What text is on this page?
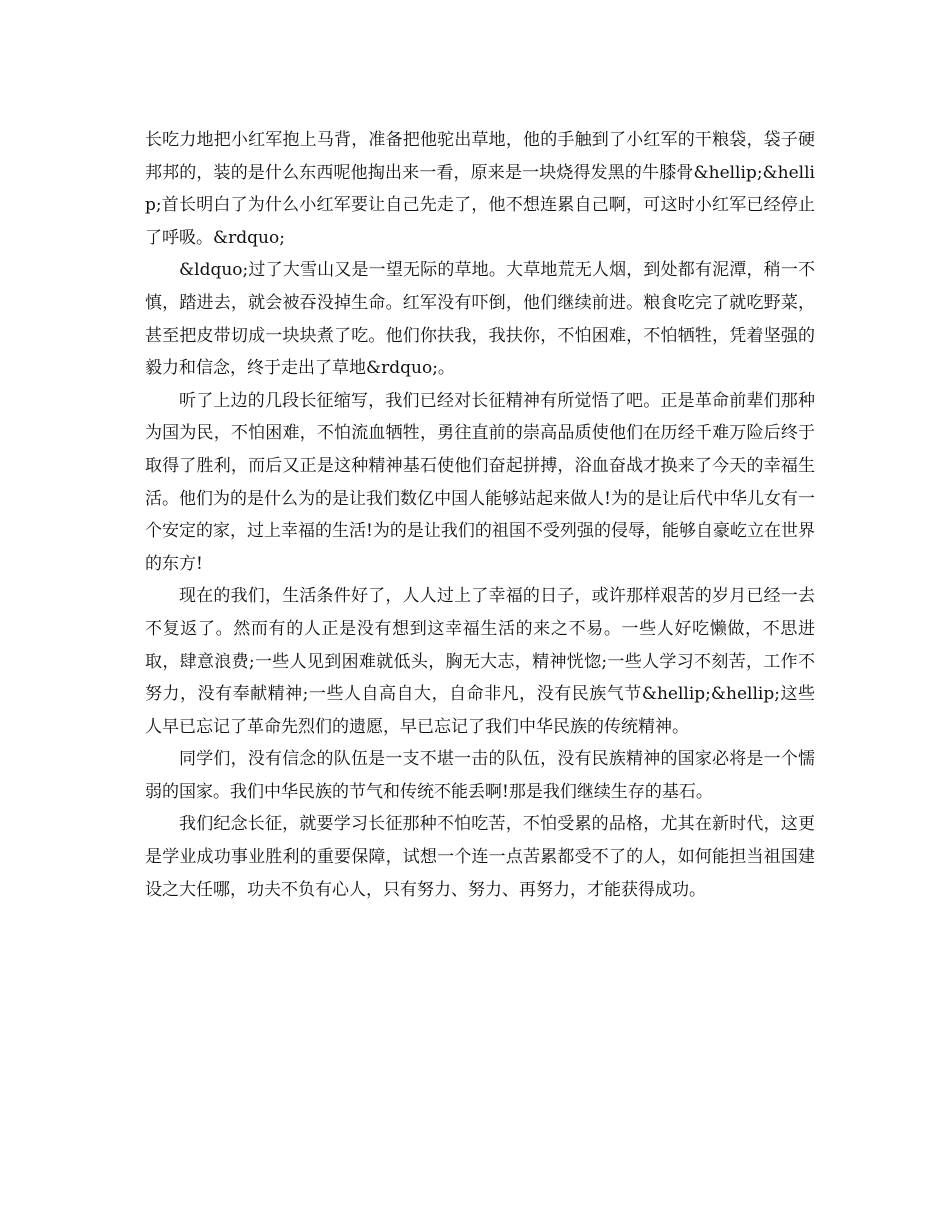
长吃力地把小红军抱上马背，准备把他驼出草地，他的手触到了小红军的干粮袋，袋子硬邦邦的，装的是什么东西呢他掏出来一看，原来是一块烧得发黑的牛膝骨&hellip;&hellip;首长明白了为什么小红军要让自己先走了，他不想连累自己啊，可这时小红军已经停止了呼吸。&rdquo;

&ldquo;过了大雪山又是一望无际的草地。大草地荒无人烟，到处都有泥潭，稍一不慎，踏进去，就会被吞没掉生命。红军没有吓倒，他们继续前进。粮食吃完了就吃野菜，甚至把皮带切成一块块煮了吃。他们你扶我，我扶你，不怕困难，不怕牺牲，凭着坚强的毅力和信念，终于走出了草地&rdquo;。

听了上边的几段长征缩写，我们已经对长征精神有所觉悟了吧。正是革命前辈们那种为国为民，不怕困难，不怕流血牺牲，勇往直前的崇高品质使他们在历经千难万险后终于取得了胜利，而后又正是这种精神基石使他们奋起拼搏，浴血奋战才换来了今天的幸福生活。他们为的是什么为的是让我们数亿中国人能够站起来做人!为的是让后代中华儿女有一个安定的家，过上幸福的生活!为的是让我们的祖国不受列强的侵辱，能够自豪屹立在世界的东方!

现在的我们，生活条件好了，人人过上了幸福的日子，或许那样艰苦的岁月已经一去不复返了。然而有的人正是没有想到这幸福生活的来之不易。一些人好吃懒做，不思进取，肆意浪费;一些人见到困难就低头，胸无大志，精神恍惚;一些人学习不刻苦，工作不努力，没有奉献精神;一些人自高自大，自命非凡，没有民族气节&hellip;&hellip;这些人早已忘记了革命先烈们的遗愿，早已忘记了我们中华民族的传统精神。

同学们，没有信念的队伍是一支不堪一击的队伍，没有民族精神的国家必将是一个懦弱的国家。我们中华民族的节气和传统不能丢啊!那是我们继续生存的基石。

我们纪念长征，就要学习长征那种不怕吃苦，不怕受累的品格，尤其在新时代，这更是学业成功事业胜利的重要保障，试想一个连一点苦累都受不了的人，如何能担当祖国建设之大任哪，功夫不负有心人，只有努力、努力、再努力，才能获得成功。
